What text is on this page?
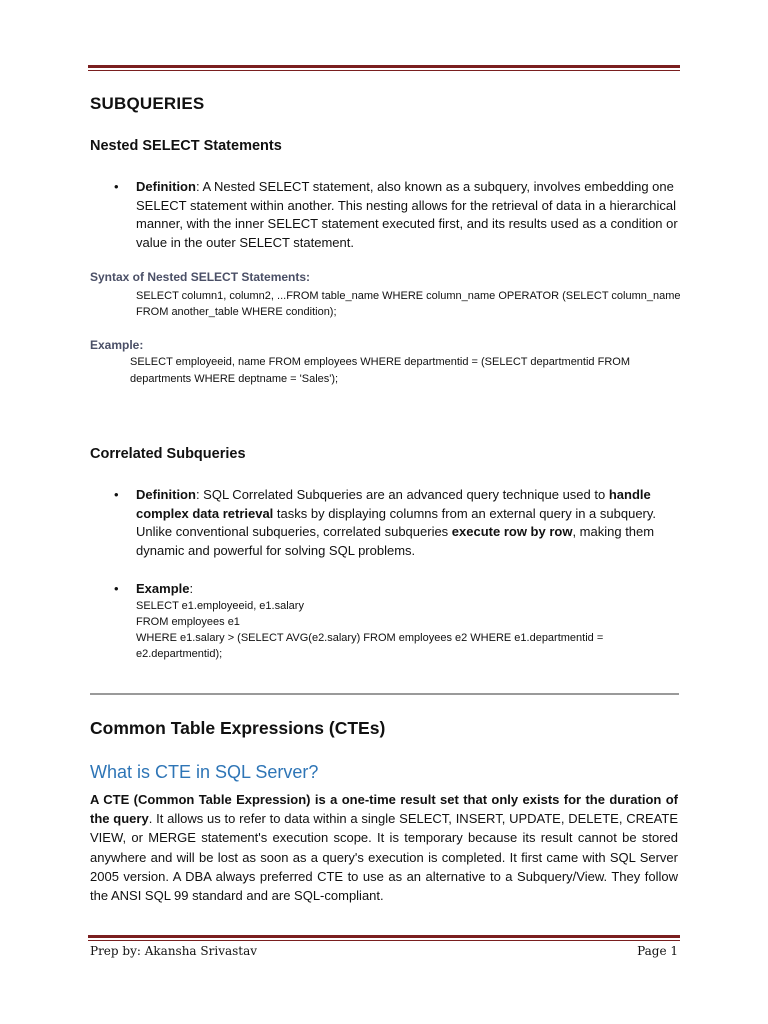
SUBQUERIES
Nested SELECT Statements
• Definition: A Nested SELECT statement, also known as a subquery, involves embedding one SELECT statement within another. This nesting allows for the retrieval of data in a hierarchical manner, with the inner SELECT statement executed first, and its results used as a condition or value in the outer SELECT statement.
Syntax of Nested SELECT Statements:
SELECT column1, column2, ...FROM table_name WHERE column_name OPERATOR (SELECT column_name
FROM another_table WHERE condition);
Example:
SELECT employeeid, name FROM employees WHERE departmentid = (SELECT departmentid FROM
departments WHERE deptname = 'Sales');
Correlated Subqueries
• Definition: SQL Correlated Subqueries are an advanced query technique used to handle complex data retrieval tasks by displaying columns from an external query in a subquery. Unlike conventional subqueries, correlated subqueries execute row by row, making them dynamic and powerful for solving SQL problems.
• Example:
SELECT e1.employeeid, e1.salary
FROM employees e1
WHERE e1.salary > (SELECT AVG(e2.salary) FROM employees e2 WHERE e1.departmentid =
e2.departmentid);
Common Table Expressions (CTEs)
What is CTE in SQL Server?
A CTE (Common Table Expression) is a one-time result set that only exists for the duration of the query. It allows us to refer to data within a single SELECT, INSERT, UPDATE, DELETE, CREATE VIEW, or MERGE statement's execution scope. It is temporary because its result cannot be stored anywhere and will be lost as soon as a query's execution is completed. It first came with SQL Server 2005 version. A DBA always preferred CTE to use as an alternative to a Subquery/View. They follow the ANSI SQL 99 standard and are SQL-compliant.
Prep by: Akansha Srivastav	Page 1
